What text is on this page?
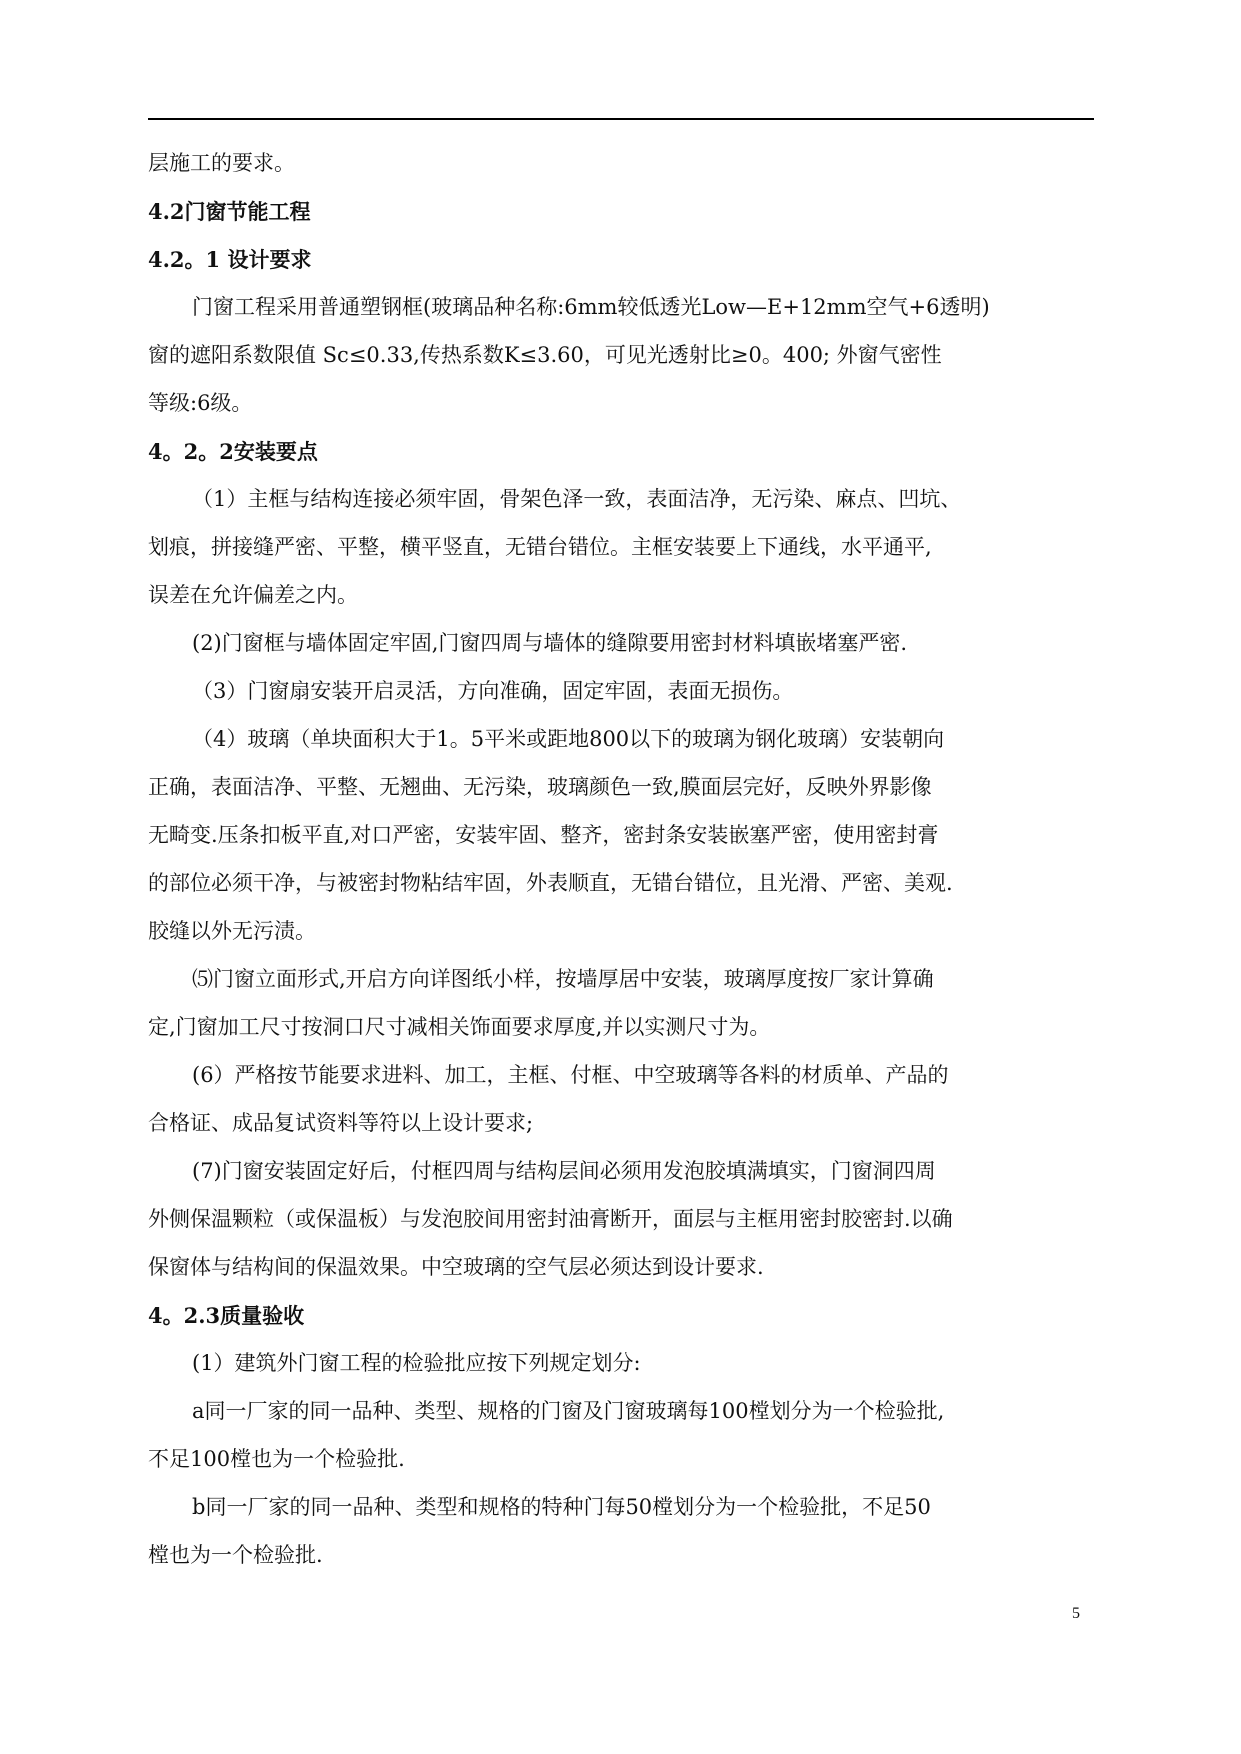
层施工的要求。
4.2门窗节能工程
4.2。1 设计要求
门窗工程采用普通塑钢框(玻璃品种名称:6mm较低透光Low—E+12mm空气+6透明)
窗的遮阳系数限值 Sc≤0.33,传热系数K≤3.60，可见光透射比≥0。400; 外窗气密性
等级:6级。
4。2。2安装要点
（1）主框与结构连接必须牢固，骨架色泽一致，表面洁净，无污染、麻点、凹坑、
划痕，拼接缝严密、平整，横平竖直，无错台错位。主框安装要上下通线，水平通平,
误差在允许偏差之内。
(2)门窗框与墙体固定牢固,门窗四周与墙体的缝隙要用密封材料填嵌堵塞严密.
（3）门窗扇安装开启灵活，方向准确，固定牢固，表面无损伤。
（4）玻璃（单块面积大于1。5平米或距地800以下的玻璃为钢化玻璃）安装朝向
正确，表面洁净、平整、无翘曲、无污染，玻璃颜色一致,膜面层完好，反映外界影像
无畸变.压条扣板平直,对口严密，安装牢固、整齐，密封条安装嵌塞严密，使用密封膏
的部位必须干净，与被密封物粘结牢固，外表顺直，无错台错位，且光滑、严密、美观.
胶缝以外无污渍。
⑸门窗立面形式,开启方向详图纸小样，按墙厚居中安装，玻璃厚度按厂家计算确
定,门窗加工尺寸按洞口尺寸减相关饰面要求厚度,并以实测尺寸为。
(6）严格按节能要求进料、加工，主框、付框、中空玻璃等各料的材质单、产品的
合格证、成品复试资料等符以上设计要求;
(7)门窗安装固定好后，付框四周与结构层间必须用发泡胶填满填实，门窗洞四周
外侧保温颗粒（或保温板）与发泡胶间用密封油膏断开，面层与主框用密封胶密封.以确
保窗体与结构间的保温效果。中空玻璃的空气层必须达到设计要求.
4。2.3质量验收
(1）建筑外门窗工程的检验批应按下列规定划分:
a同一厂家的同一品种、类型、规格的门窗及门窗玻璃每100樘划分为一个检验批,
不足100樘也为一个检验批.
b同一厂家的同一品种、类型和规格的特种门每50樘划分为一个检验批，不足50
樘也为一个检验批.
5
